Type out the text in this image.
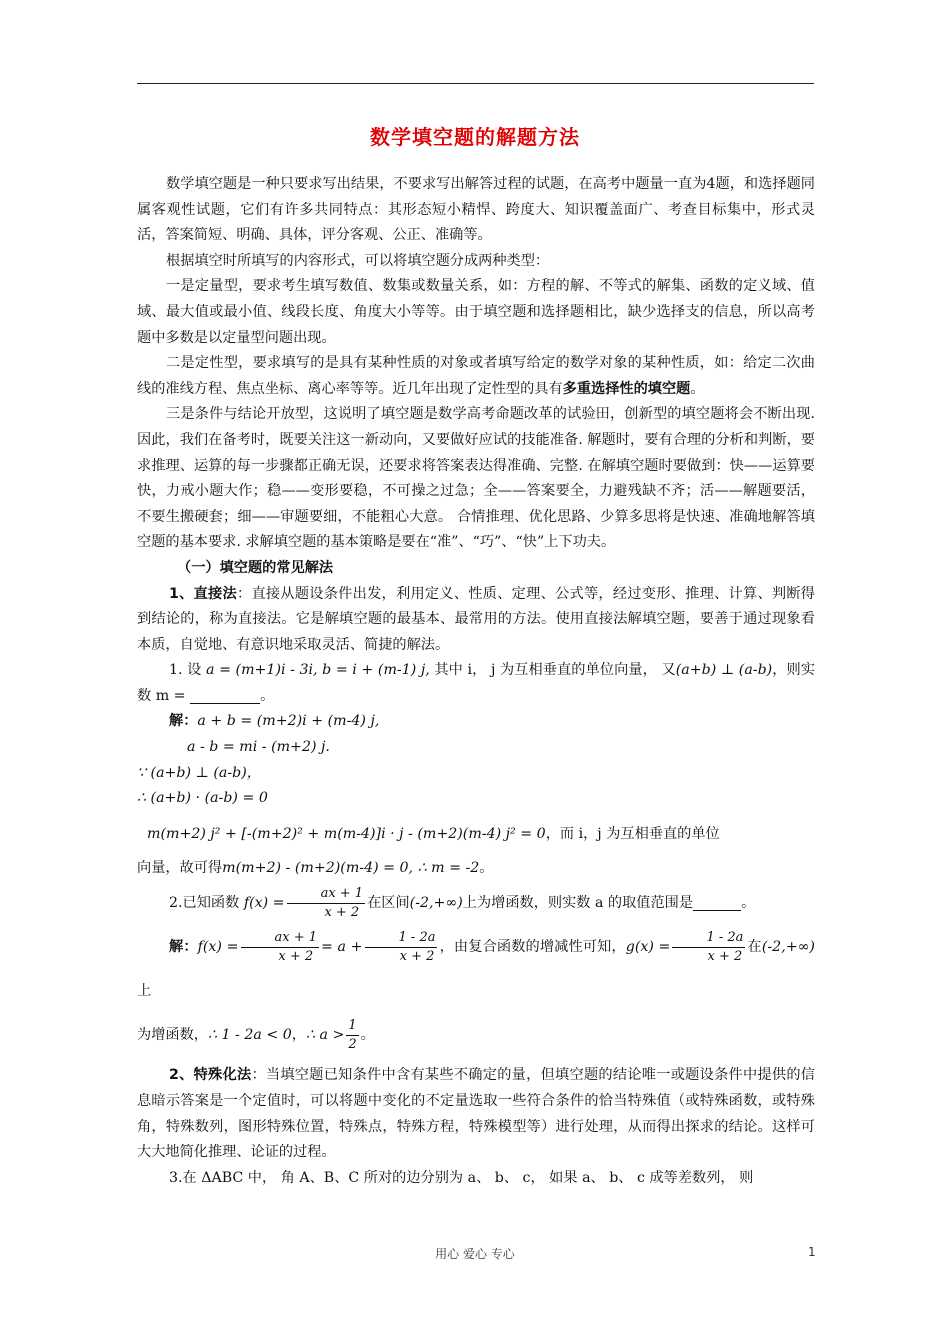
数学填空题的解题方法

数学填空题是一种只要求写出结果，不要求写出解答过程的试题，在高考中题量一直为4题，和选择题同属客观性试题，它们有许多共同特点：其形态短小精悍、跨度大、知识覆盖面广、考查目标集中，形式灵活，答案简短、明确、具体，评分客观、公正、准确等。

根据填空时所填写的内容形式，可以将填空题分成两种类型：

一是定量型，要求考生填写数值、数集或数量关系，如：方程的解、不等式的解集、函数的定义域、值域、最大值或最小值、线段长度、角度大小等等。由于填空题和选择题相比，缺少选择支的信息，所以高考题中多数是以定量型问题出现。

二是定性型，要求填写的是具有某种性质的对象或者填写给定的数学对象的某种性质，如：给定二次曲线的准线方程、焦点坐标、离心率等等。近几年出现了定性型的具有多重选择性的填空题。

三是条件与结论开放型，这说明了填空题是数学高考命题改革的试验田，创新型的填空题将会不断出现. 因此，我们在备考时，既要关注这一新动向，又要做好应试的技能准备. 解题时，要有合理的分析和判断，要求推理、运算的每一步骤都正确无误，还要求将答案表达得准确、完整. 在解填空题时要做到：快——运算要快，力戒小题大作；稳——变形要稳，不可操之过急；全——答案要全，力避残缺不齐；活——解题要活，不要生搬硬套；细——审题要细，不能粗心大意。 合情推理、优化思路、少算多思将是快速、准确地解答填空题的基本要求. 求解填空题的基本策略是要在“准”、“巧”、“快”上下功夫。

（一）填空题的常见解法

1、直接法：直接从题设条件出发，利用定义、性质、定理、公式等，经过变形、推理、计算、判断得到结论的，称为直接法。它是解填空题的最基本、最常用的方法。使用直接法解填空题，要善于通过现象看本质，自觉地、有意识地采取灵活、简捷的解法。

1. 设 a = (m+1)i - 3i, b = i + (m-1) j, 其中 i， j 为互相垂直的单位向量， 又(a+b) ⊥ (a-b)，则实数 m =	。

解：a + b = (m+2)i + (m-4) j,

a - b = mi - (m+2) j.

∵ (a+b) ⊥ (a-b)，

∴ (a+b) · (a-b) = 0

m(m+2) j² + [-(m+2)² + m(m-4)]i · j - (m+2)(m-4) j² = 0，而 i，j 为互相垂直的单位

向量，故可得m(m+2) - (m+2)(m-4) = 0, ∴ m = -2。

2.已知函数 $f(x) = \frac{ax + 1}{x + 2}$ 在区间(-2,+∞)上为增函数，则实数 a 的取值范围是	。

解：$f(x) = \frac{ax + 1}{x + 2} = a + \frac{1 - 2a}{x + 2}$ ，由复合函数的增减性可知，$g(x) = \frac{1 - 2a}{x + 2}$ 在(-2,+∞)上

为增函数，∴ 1 - 2a < 0，∴ $a > \frac{1}{2}$ 。

2、特殊化法：当填空题已知条件中含有某些不确定的量，但填空题的结论唯一或题设条件中提供的信息暗示答案是一个定值时，可以将题中变化的不定量选取一些符合条件的恰当特殊值（或特殊函数，或特殊角，特殊数列，图形特殊位置，特殊点，特殊方程，特殊模型等）进行处理，从而得出探求的结论。这样可大大地简化推理、论证的过程。

3.在 ΔABC 中， 角 A、B、C 所对的边分别为 a、 b、 c， 如果 a、 b、 c 成等差数列， 则

用心 爱心 专心	1
